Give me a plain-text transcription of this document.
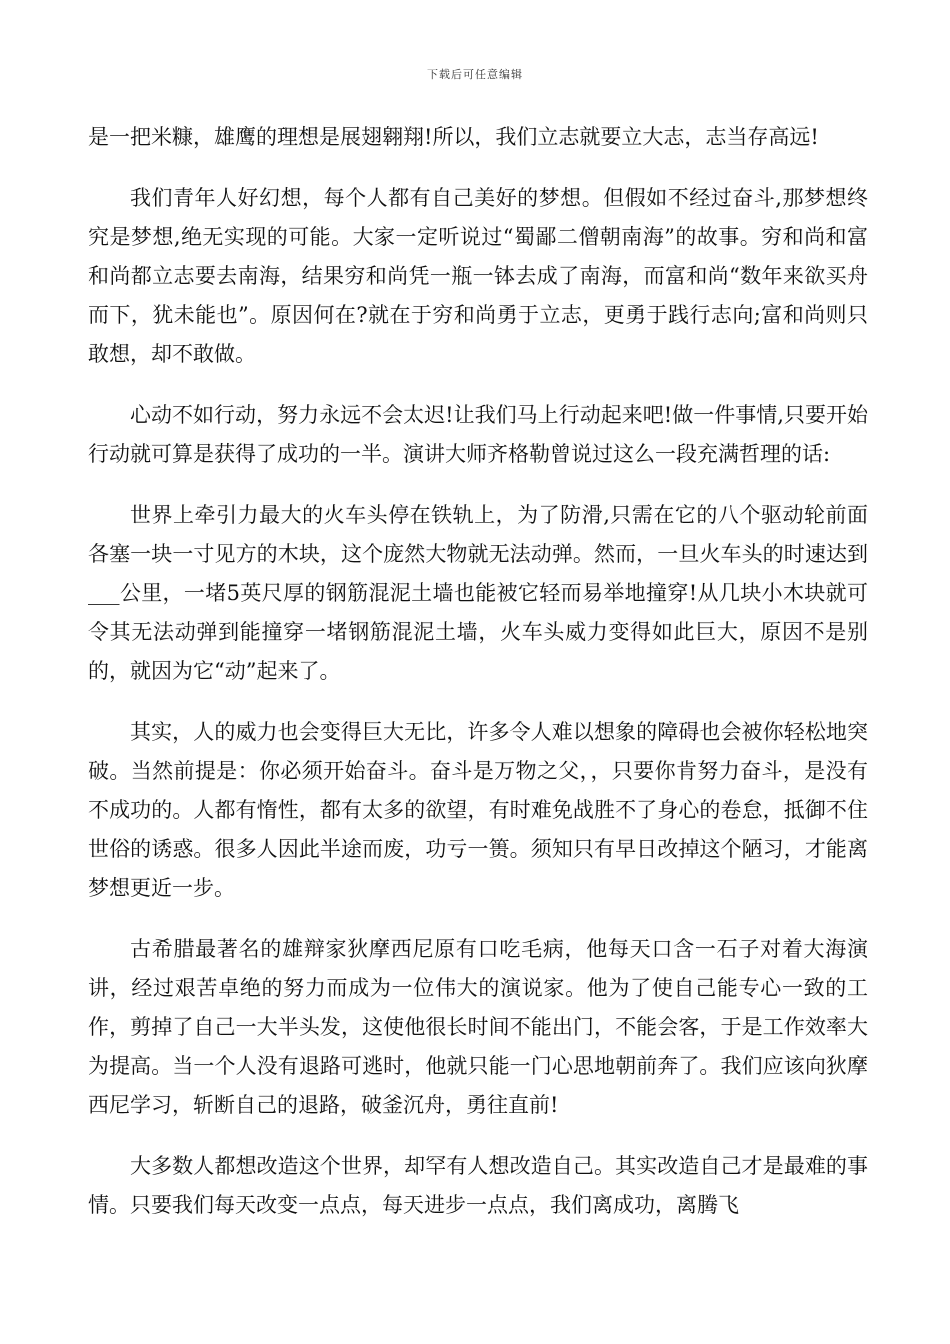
下载后可任意编辑

是一把米糠，雄鹰的理想是展翅翱翔!所以，我们立志就要立大志，志当存高远!

我们青年人好幻想，每个人都有自己美好的梦想。但假如不经过奋斗,那梦想终究是梦想,绝无实现的可能。大家一定听说过“蜀鄙二僧朝南海”的故事。穷和尚和富和尚都立志要去南海，结果穷和尚凭一瓶一钵去成了南海，而富和尚“数年来欲买舟而下，犹未能也”。原因何在?就在于穷和尚勇于立志，更勇于践行志向;富和尚则只敢想，却不敢做。

心动不如行动，努力永远不会太迟!让我们马上行动起来吧!做一件事情,只要开始行动就可算是获得了成功的一半。演讲大师齐格勒曾说过这么一段充满哲理的话:

世界上牵引力最大的火车头停在铁轨上，为了防滑,只需在它的八个驱动轮前面各塞一块一寸见方的木块，这个庞然大物就无法动弹。然而，一旦火车头的时速达到 ___公里，一堵5英尺厚的钢筋混泥土墙也能被它轻而易举地撞穿!从几块小木块就可令其无法动弹到能撞穿一堵钢筋混泥土墙，火车头威力变得如此巨大，原因不是别的，就因为它“动”起来了。

其实，人的威力也会变得巨大无比，许多令人难以想象的障碍也会被你轻松地突破。当然前提是：你必须开始奋斗。奋斗是万物之父，，只要你肯努力奋斗，是没有不成功的。人都有惰性，都有太多的欲望，有时难免战胜不了身心的卷怠，抵御不住世俗的诱惑。很多人因此半途而废，功亏一篑。须知只有早日改掉这个陋习，才能离梦想更近一步。

古希腊最著名的雄辩家狄摩西尼原有口吃毛病，他每天口含一石子对着大海演讲，经过艰苦卓绝的努力而成为一位伟大的演说家。他为了使自己能专心一致的工作，剪掉了自己一大半头发，这使他很长时间不能出门，不能会客，于是工作效率大为提高。当一个人没有退路可逃时，他就只能一门心思地朝前奔了。我们应该向狄摩西尼学习，斩断自己的退路，破釜沉舟，勇往直前!

大多数人都想改造这个世界，却罕有人想改造自己。其实改造自己才是最难的事情。只要我们每天改变一点点，每天进步一点点，我们离成功，离腾飞
